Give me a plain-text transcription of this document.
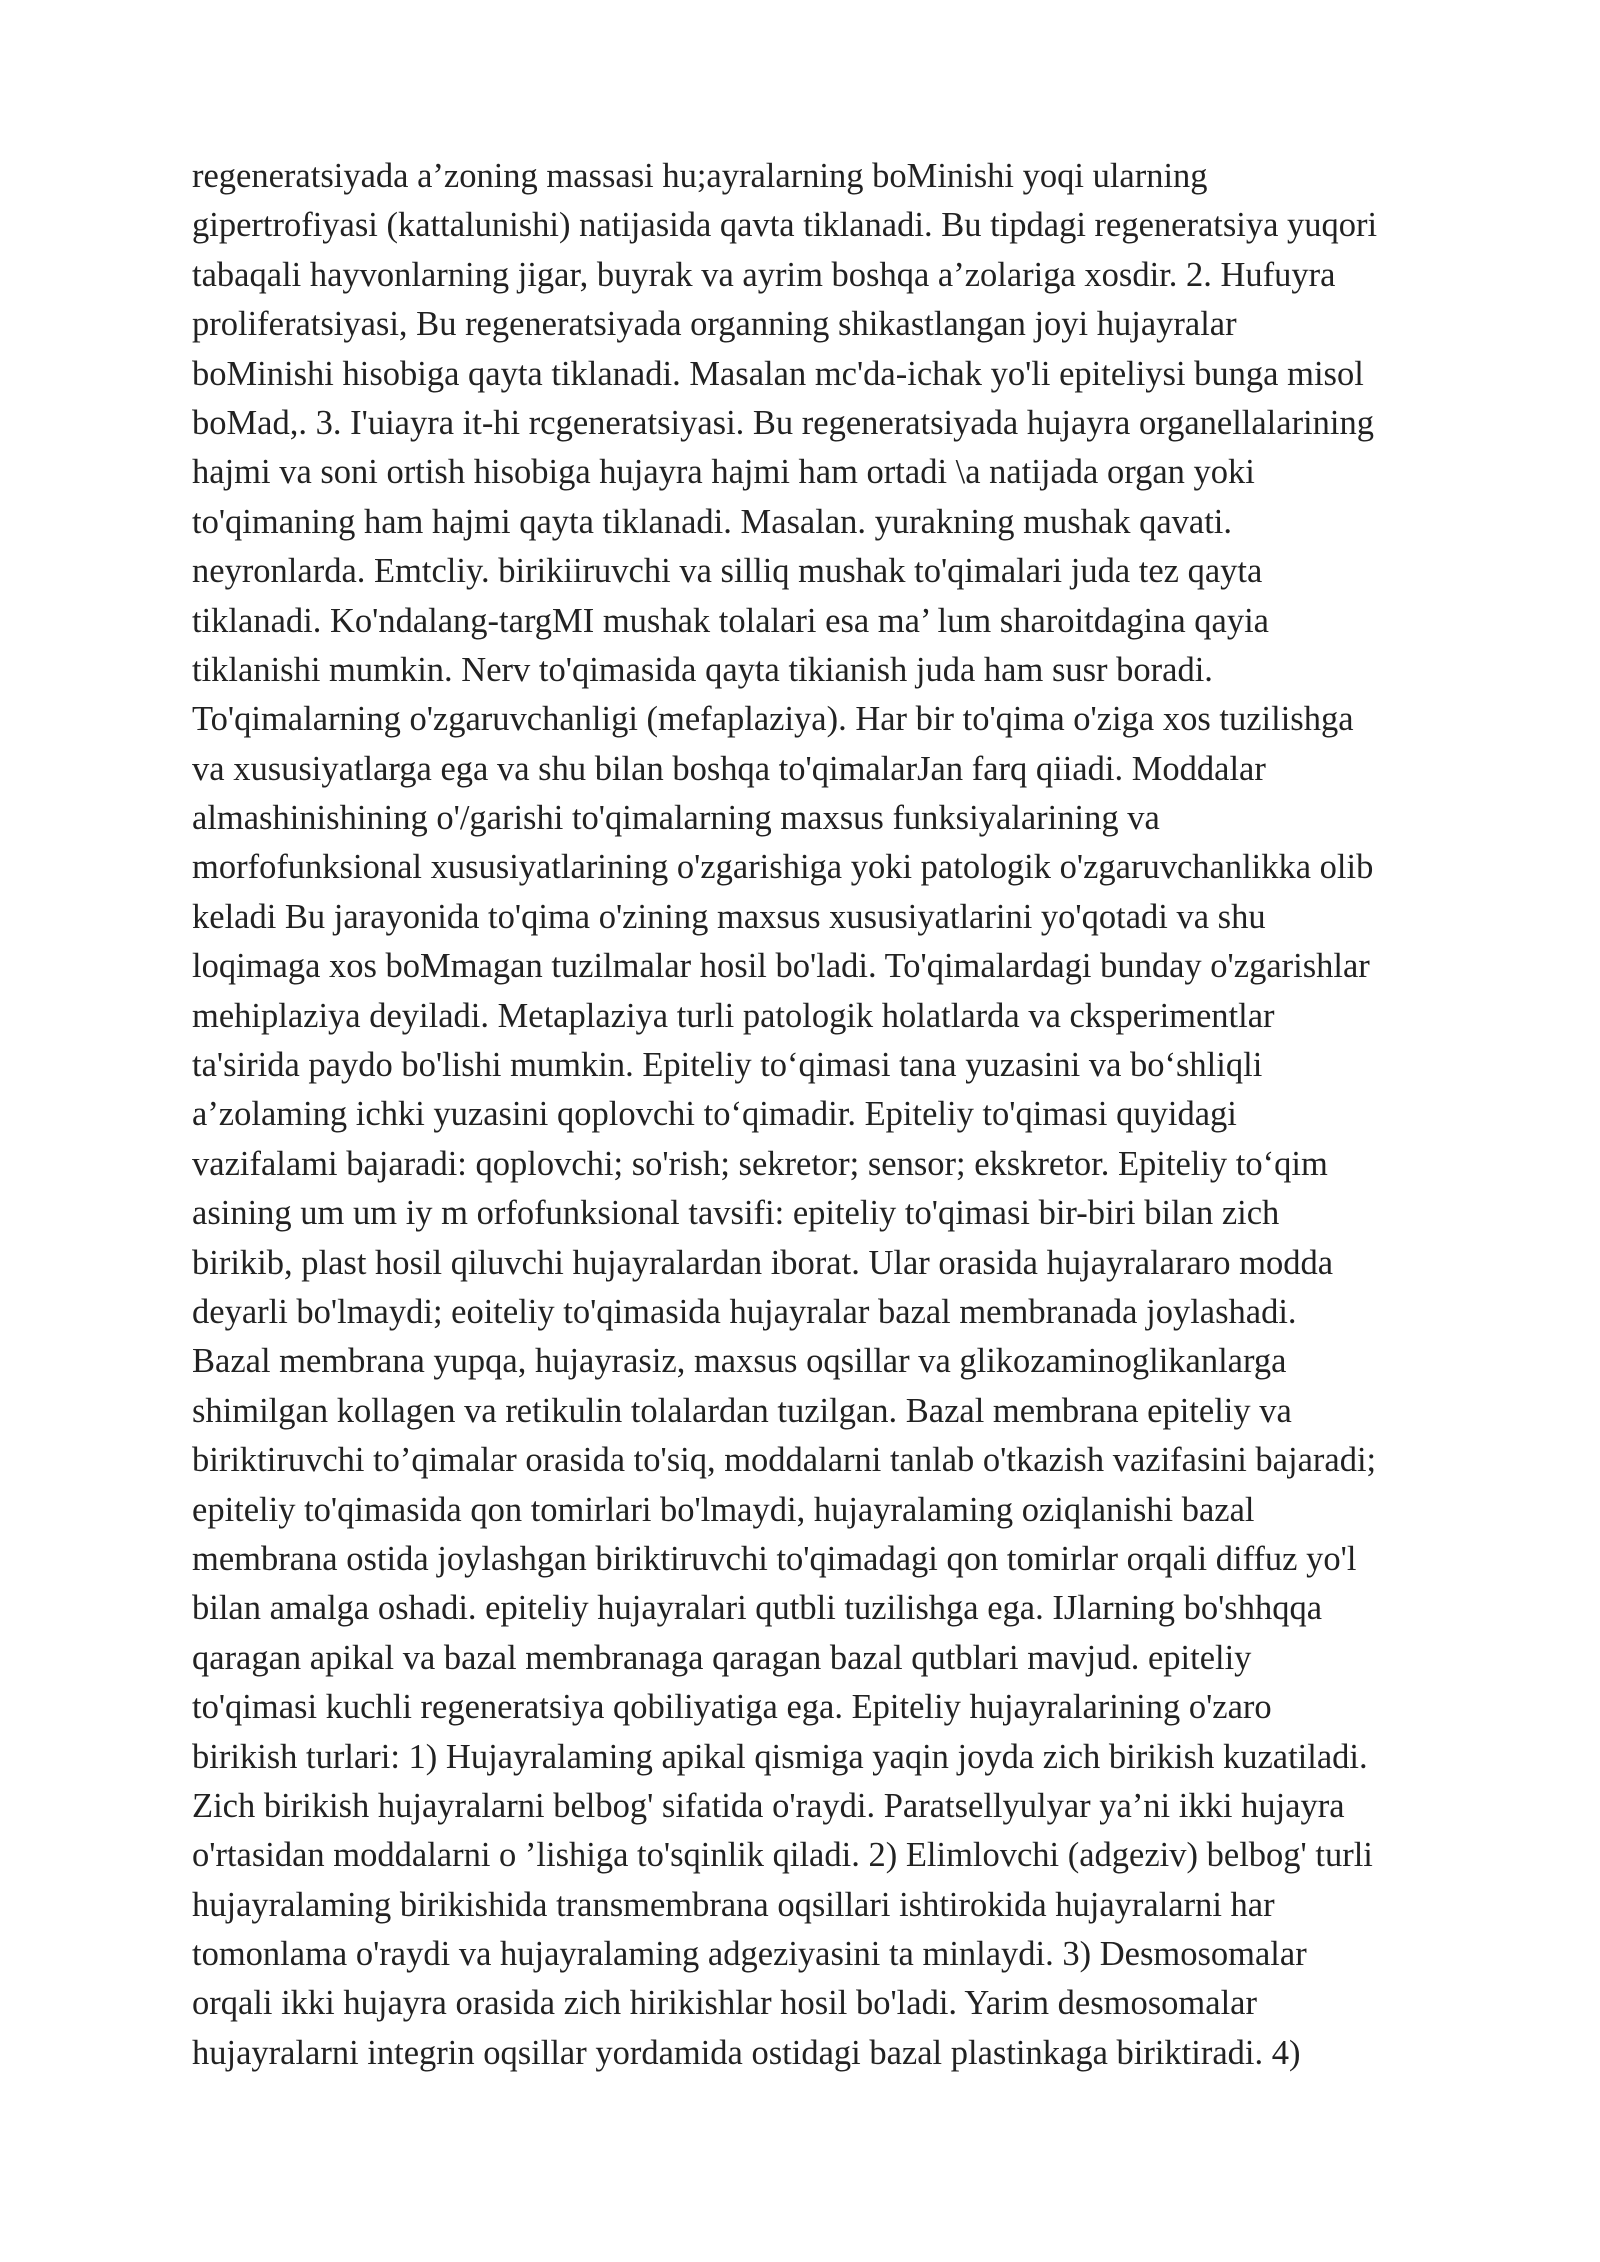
regeneratsiyada a’zoning massasi hu;ayralarning boMinishi yoqi ularning
gipertrofiyasi (kattalunishi) natijasida qavta tiklanadi. Bu tipdagi regeneratsiya yuqori
tabaqali hayvonlarning jigar, buyrak va ayrim boshqa a’zolariga xosdir. 2. Hufuyra
proliferatsiyasi, Bu regeneratsiyada organning shikastlangan joyi hujayralar
boMinishi hisobiga qayta tiklanadi. Masalan mc'da-ichak yo'li epiteliysi bunga misol
boMad,. 3. I'uiayra it-hi rcgeneratsiyasi. Bu regeneratsiyada hujayra organellalarining
hajmi va soni ortish hisobiga hujayra hajmi ham ortadi \a natijada organ yoki
to'qimaning ham hajmi qayta tiklanadi. Masalan. yurakning mushak qavati.
neyronlarda. Emtcliy. birikiiruvchi va silliq mushak to'qimalari juda tez qayta
tiklanadi. Ko'ndalang-targMI mushak tolalari esa ma’ lum sharoitdagina qayia
tiklanishi mumkin. Nerv to'qimasida qayta tikianish juda ham susr boradi.
To'qimalarning o'zgaruvchanligi (mefaplaziya). Har bir to'qima o'ziga xos tuzilishga
va xususiyatlarga ega va shu bilan boshqa to'qimalarJan farq qiiadi. Moddalar
almashinishining o'/garishi to'qimalarning maxsus funksiyalarining va
morfofunksional xususiyatlarining o'zgarishiga yoki patologik o'zgaruvchanlikka olib
keladi Bu jarayonida to'qima o'zining maxsus xususiyatlarini yo'qotadi va shu
loqimaga xos boMmagan tuzilmalar hosil bo'ladi. To'qimalardagi bunday o'zgarishlar
mehiplaziya deyiladi. Metaplaziya turli patologik holatlarda va cksperimentlar
ta'sirida paydo bo'lishi mumkin. Epiteliy to‘qimasi tana yuzasini va bo‘shliqli
a’zolaming ichki yuzasini qoplovchi to‘qimadir. Epiteliy to'qimasi quyidagi
vazifalami bajaradi: qoplovchi; so'rish; sekretor; sensor; ekskretor. Epiteliy to‘qim
asining um um iy m orfofunksional tavsifi: epiteliy to'qimasi bir-biri bilan zich
birikib, plast hosil qiluvchi hujayralardan iborat. Ular orasida hujayralararo modda
deyarli bo'lmaydi; eoiteliy to'qimasida hujayralar bazal membranada joylashadi.
Bazal membrana yupqa, hujayrasiz, maxsus oqsillar va glikozaminoglikanlarga
shimilgan kollagen va retikulin tolalardan tuzilgan. Bazal membrana epiteliy va
biriktiruvchi to’qimalar orasida to'siq, moddalarni tanlab o'tkazish vazifasini bajaradi;
epiteliy to'qimasida qon tomirlari bo'lmaydi, hujayralaming oziqlanishi bazal
membrana ostida joylashgan biriktiruvchi to'qimadagi qon tomirlar orqali diffuz yo'l
bilan amalga oshadi. epiteliy hujayralari qutbli tuzilishga ega. IJlarning bo'shhqqa
qaragan apikal va bazal membranaga qaragan bazal qutblari mavjud. epiteliy
to'qimasi kuchli regeneratsiya qobiliyatiga ega. Epiteliy hujayralarining o'zaro
birikish turlari: 1) Hujayralaming apikal qismiga yaqin joyda zich birikish kuzatiladi.
Zich birikish hujayralarni belbog' sifatida o'raydi. Paratsellyulyar ya’ni ikki hujayra
o'rtasidan moddalarni o ’lishiga to'sqinlik qiladi. 2) Elimlovchi (adgeziv) belbog' turli
hujayralaming birikishida transmembrana oqsillari ishtirokida hujayralarni har
tomonlama o'raydi va hujayralaming adgeziyasini ta minlaydi. 3) Desmosomalar
orqali ikki hujayra orasida zich hirikishlar hosil bo'ladi. Yarim desmosomalar
hujayralarni integrin oqsillar yordamida ostidagi bazal plastinkaga biriktiradi. 4)
